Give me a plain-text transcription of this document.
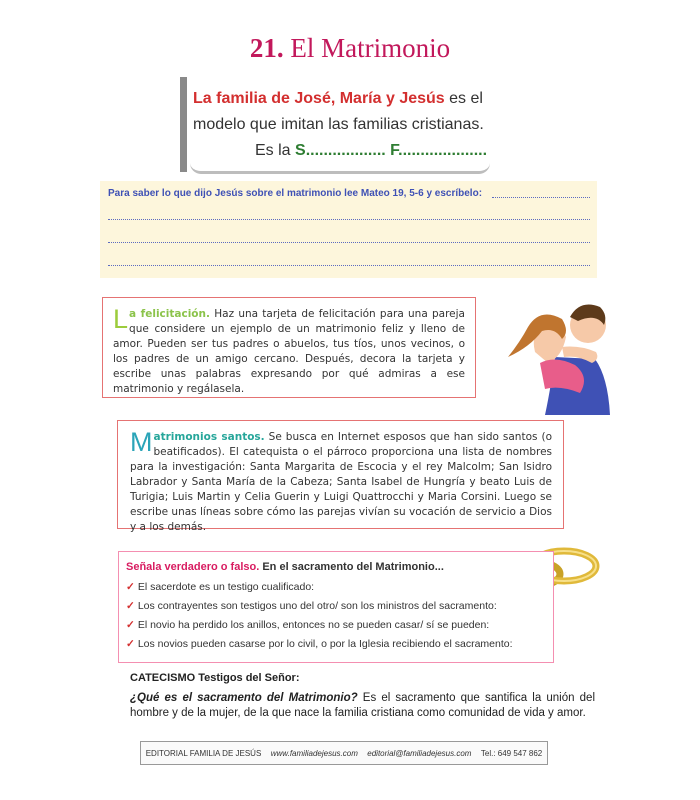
21. El Matrimonio
La familia de José, María y Jesús es el
modelo que imitan las familias cristianas.
Es la S.................. F....................
Para saber lo que dijo Jesús sobre el matrimonio lee Mateo 19, 5-6 y escríbelo:

La felicitación. Haz una tarjeta de felicitación para una pareja que considere un ejemplo de un matrimonio feliz y lleno de amor. Pueden ser tus padres o abuelos, tus tíos, unos vecinos, o los padres de un amigo cercano. Después, decora la tarjeta y escribe unas palabras expresando por qué admiras a ese matrimonio y regálasela.

Matrimonios santos. Se busca en Internet esposos que han sido santos (o beatificados). El catequista o el párroco proporciona una lista de nombres para la investigación: Santa Margarita de Escocia y el rey Malcolm; San Isidro Labrador y Santa María de la Cabeza; Santa Isabel de Hungría y beato Luis de Turigia; Luis Martin y Celia Guerin y Luigi Quattrocchi y Maria Corsini. Luego se escribe unas líneas sobre cómo las parejas vivían su vocación de servicio a Dios y a los demás.

Señala verdadero o falso. En el sacramento del Matrimonio...
✓ El sacerdote es un testigo cualificado:
✓ Los contrayentes son testigos uno del otro/ son los ministros del sacramento:
✓ El novio ha perdido los anillos, entonces no se pueden casar/ sí se pueden:
✓ Los novios pueden casarse por lo civil, o por la Iglesia recibiendo el sacramento:
CATECISMO Testigos del Señor:
¿Qué es el sacramento del Matrimonio? Es el sacramento que santifica la unión del hombre y de la mujer, de la que nace la familia cristiana como comunidad de vida y amor.
EDITORIAL FAMILIA DE JESÚS www.familiadejesus.com editorial@familiadejesus.com Tel.: 649 547 862
